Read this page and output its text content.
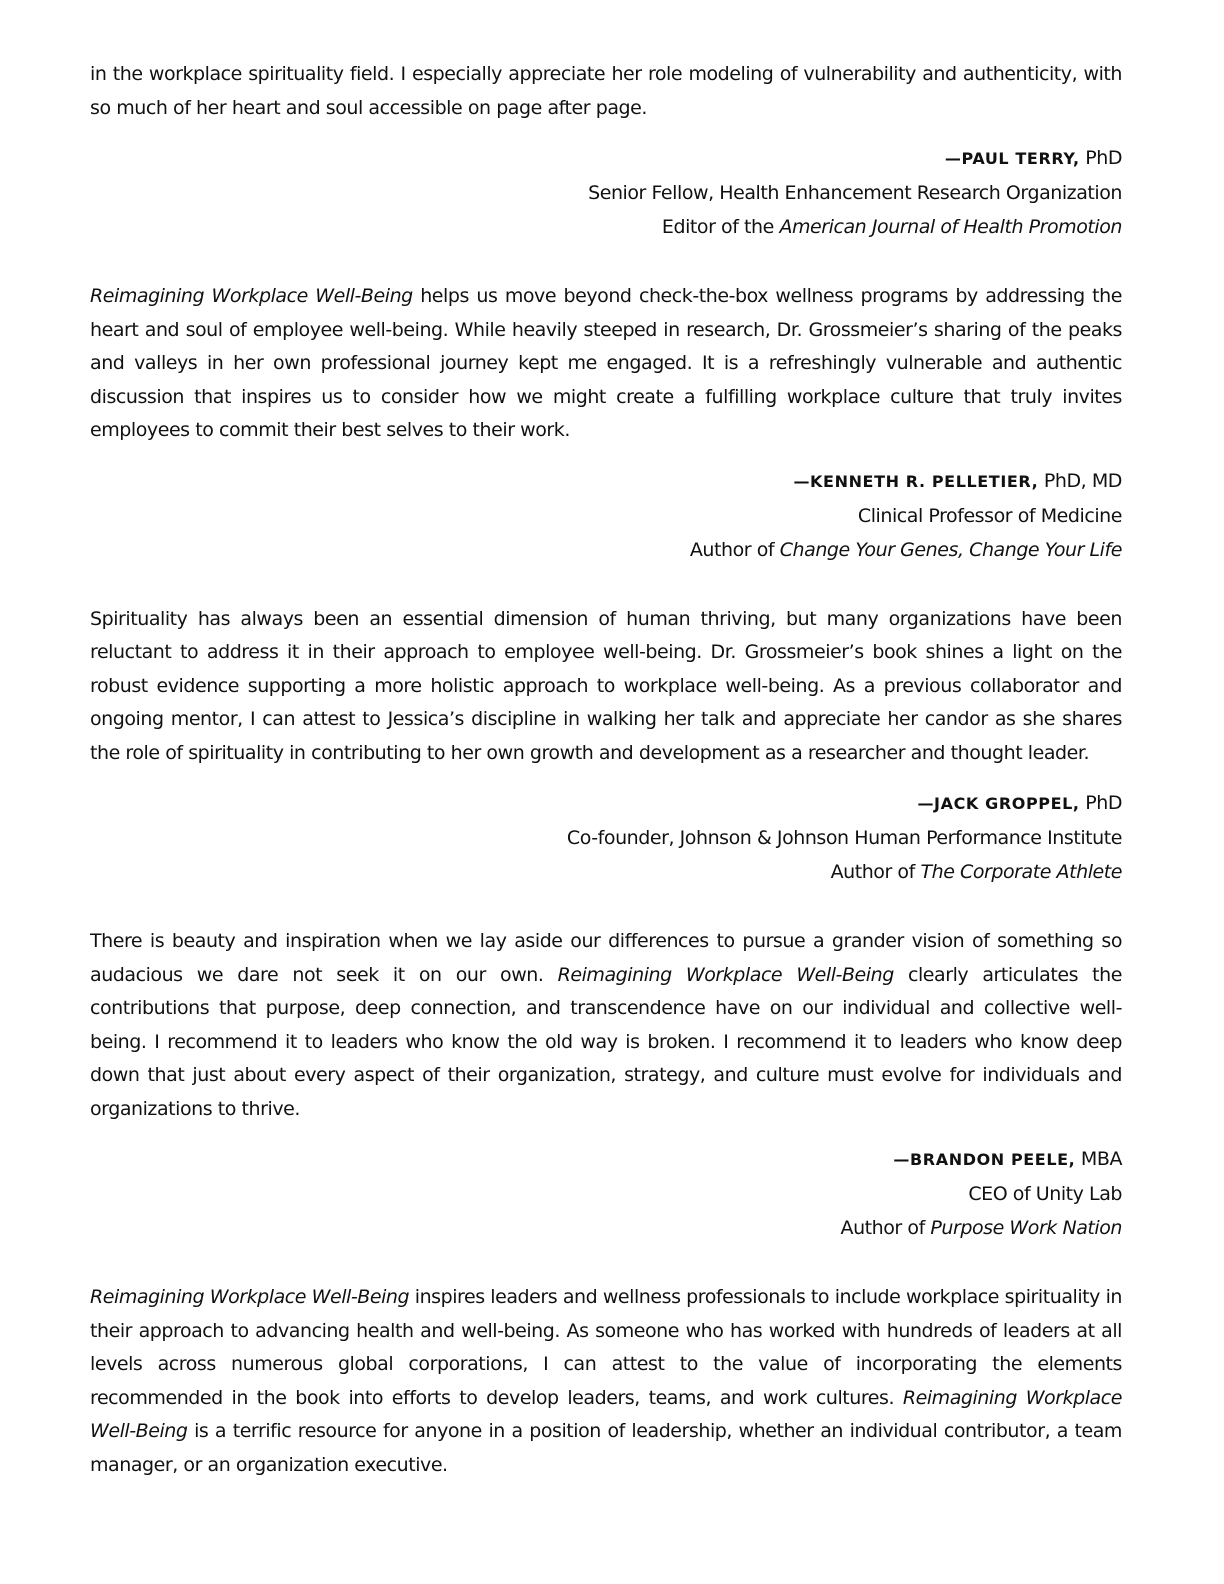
in the workplace spirituality field. I especially appreciate her role modeling of vulnerability and authenticity, with so much of her heart and soul accessible on page after page.

—PAUL TERRY, PhD
Senior Fellow, Health Enhancement Research Organization
Editor of the American Journal of Health Promotion

Reimagining Workplace Well-Being helps us move beyond check-the-box wellness programs by addressing the heart and soul of employee well-being. While heavily steeped in research, Dr. Grossmeier’s sharing of the peaks and valleys in her own professional journey kept me engaged. It is a refreshingly vulnerable and authentic discussion that inspires us to consider how we might create a fulfilling workplace culture that truly invites employees to commit their best selves to their work.

—KENNETH R. PELLETIER, PhD, MD
Clinical Professor of Medicine
Author of Change Your Genes, Change Your Life

Spirituality has always been an essential dimension of human thriving, but many organizations have been reluctant to address it in their approach to employee well-being. Dr. Grossmeier’s book shines a light on the robust evidence supporting a more holistic approach to workplace well-being. As a previous collaborator and ongoing mentor, I can attest to Jessica’s discipline in walking her talk and appreciate her candor as she shares the role of spirituality in contributing to her own growth and development as a researcher and thought leader.

—JACK GROPPEL, PhD
Co-founder, Johnson & Johnson Human Performance Institute
Author of The Corporate Athlete

There is beauty and inspiration when we lay aside our differences to pursue a grander vision of something so audacious we dare not seek it on our own. Reimagining Workplace Well-Being clearly articulates the contributions that purpose, deep connection, and transcendence have on our individual and collective well-being. I recommend it to leaders who know the old way is broken. I recommend it to leaders who know deep down that just about every aspect of their organization, strategy, and culture must evolve for individuals and organizations to thrive.

—BRANDON PEELE, MBA
CEO of Unity Lab
Author of Purpose Work Nation

Reimagining Workplace Well-Being inspires leaders and wellness professionals to include workplace spirituality in their approach to advancing health and well-being. As someone who has worked with hundreds of leaders at all levels across numerous global corporations, I can attest to the value of incorporating the elements recommended in the book into efforts to develop leaders, teams, and work cultures. Reimagining Workplace Well-Being is a terrific resource for anyone in a position of leadership, whether an individual contributor, a team manager, or an organization executive.
